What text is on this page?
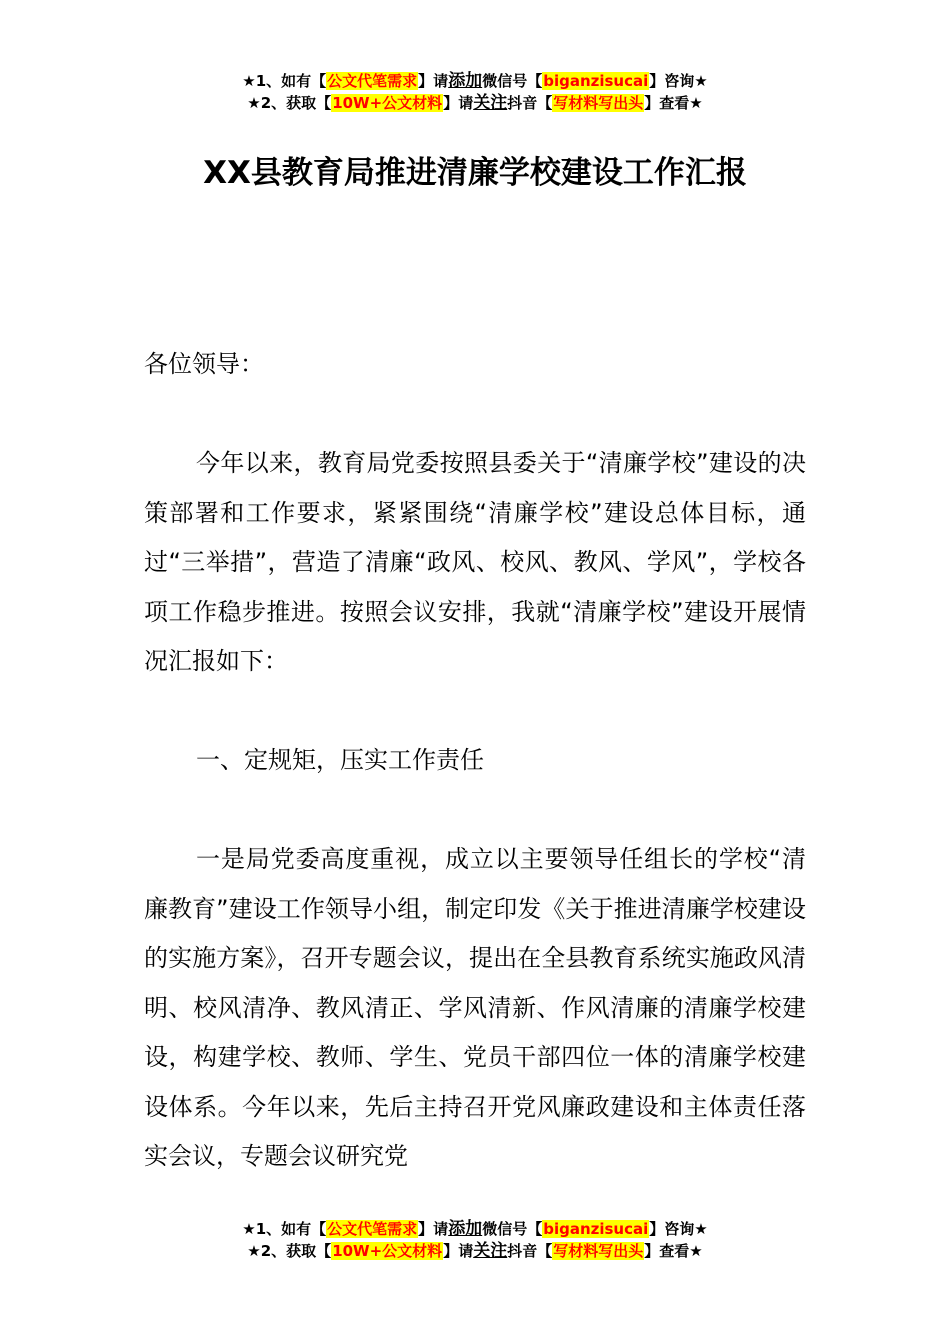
★1、如有【公文代笔需求】请添加微信号【biganzisucai】咨询★
★2、获取【10W+公文材料】请关注抖音【写材料写出头】查看★
XX县教育局推进清廉学校建设工作汇报

各位领导：

今年以来，教育局党委按照县委关于“清廉学校”建设的决策部署和工作要求，紧紧围绕“清廉学校”建设总体目标，通过“三举措”，营造了清廉“政风、校风、教风、学风”，学校各项工作稳步推进。按照会议安排，我就“清廉学校”建设开展情况汇报如下：

一、定规矩，压实工作责任

一是局党委高度重视，成立以主要领导任组长的学校“清廉教育”建设工作领导小组，制定印发《关于推进清廉学校建设的实施方案》，召开专题会议，提出在全县教育系统实施政风清明、校风清净、教风清正、学风清新、作风清廉的清廉学校建设，构建学校、教师、学生、党员干部四位一体的清廉学校建设体系。今年以来，先后主持召开党风廉政建设和主体责任落实会议，专题会议研究党

★1、如有【公文代笔需求】请添加微信号【biganzisucai】咨询★
★2、获取【10W+公文材料】请关注抖音【写材料写出头】查看★
